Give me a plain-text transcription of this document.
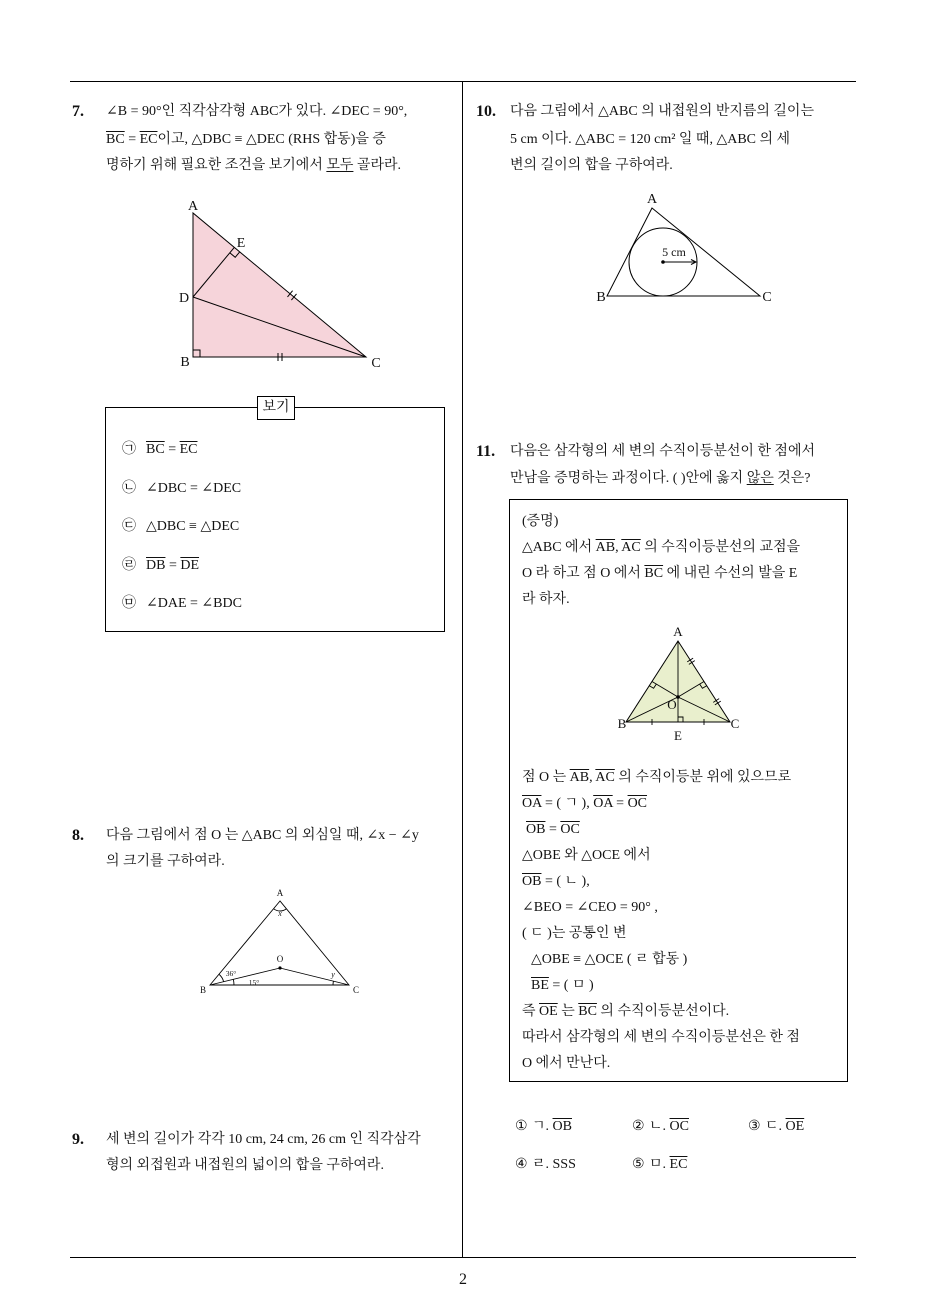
7. ∠B = 90°인 직각삼각형 ABC가 있다. ∠DEC = 90°,
$\overline{BC} = \overline{EC}$이고, △DBC ≡ △DEC (RHS 합동)을 증
명하기 위해 필요한 조건을 보기에서 모두 골라라.
A
E
D
B	C
보기
㉠ $\overline{BC} = \overline{EC}$
㉡ ∠DBC = ∠DEC
㉢ △DBC ≡ △DEC
㉣ $\overline{DB} = \overline{DE}$
㉤ ∠DAE = ∠BDC
8. 다음 그림에서 점 O 는 △ABC 의 외심일 때, ∠x − ∠y
의 크기를 구하여라.
A
x
O
B	C
36°
15°
y
9. 세 변의 길이가 각각 10 cm, 24 cm, 26 cm 인 직각삼각
형의 외접원과 내접원의 넓이의 합을 구하여라.
10. 다음 그림에서 △ABC 의 내접원의 반지름의 길이는
5 cm 이다. △ABC = 120 cm² 일 때, △ABC 의 세
변의 길이의 합을 구하여라.
A
B	C
5 cm
11. 다음은 삼각형의 세 변의 수직이등분선이 한 점에서
만남을 증명하는 과정이다. ( )안에 옳지 않은 것은?
(증명)
△ABC 에서 $\overline{AB}$, $\overline{AC}$ 의 수직이등분선의 교점을
O 라 하고 점 O 에서 $\overline{BC}$ 에 내린 수선의 발을 E
라 하자.
A
O
B	C
E
점 O 는 $\overline{AB}$, $\overline{AC}$ 의 수직이등분 위에 있으므로
$\overline{OA}$ = ( ㄱ ), $\overline{OA} = \overline{OC}$
$\overline{OB} = \overline{OC}$
△OBE 와 △OCE 에서
$\overline{OB}$ = ( ㄴ ),
∠BEO = ∠CEO = 90° ,
( ㄷ )는 공통인 변
△OBE ≡ △OCE ( ㄹ 합동 )
$\overline{BE}$ = ( ㅁ )
즉 $\overline{OE}$ 는 $\overline{BC}$ 의 수직이등분선이다.
따라서 삼각형의 세 변의 수직이등분선은 한 점
O 에서 만난다.
① ㄱ. $\overline{OB}$	② ㄴ. $\overline{OC}$	③ ㄷ. $\overline{OE}$
④ ㄹ. SSS	⑤ ㅁ. $\overline{EC}$
2
